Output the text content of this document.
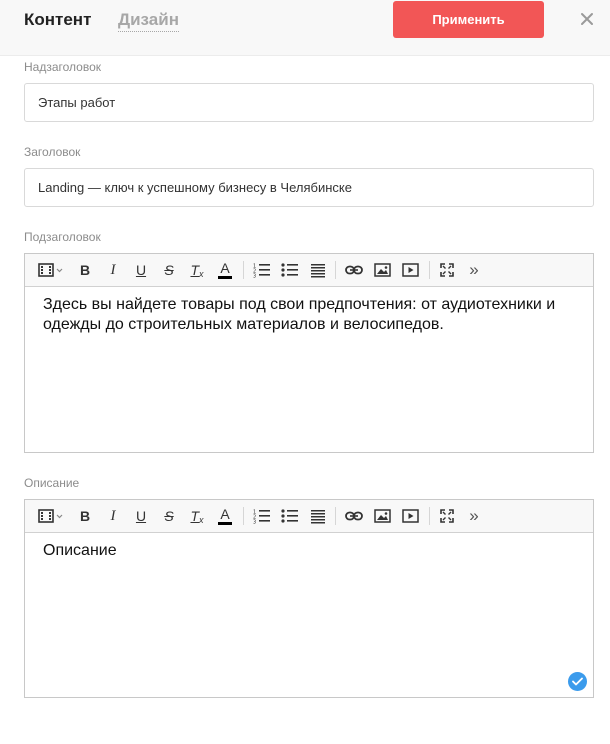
Контент Дизайн	Применить
Надзаголовок
Этапы работ
Заголовок
Landing — ключ к успешному бизнесу в Челябинске
Подзаголовок
B	I	U S T x A	1
2
3	»
Здесь вы найдете товары под свои предпочтения: от аудиотехники и одежды до строительных материалов и велосипедов.
Описание
B	I	U S T x A	1
2
3	»
Описание
